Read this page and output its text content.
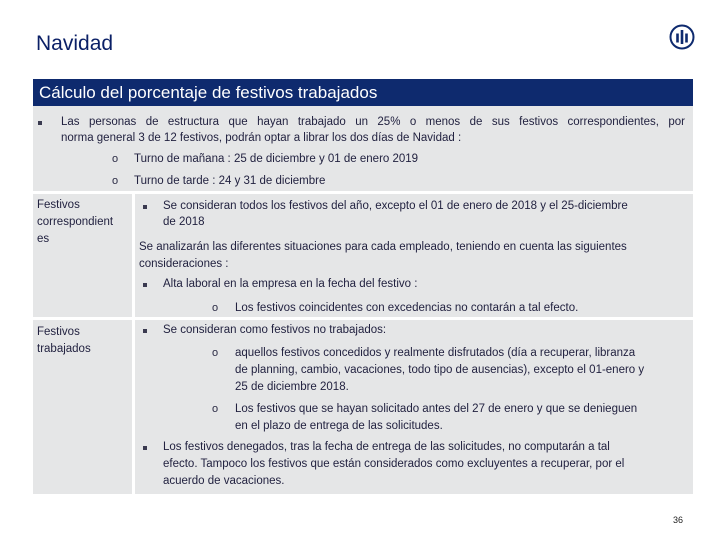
Navidad
Cálculo del porcentaje de festivos trabajados
Las personas de estructura que hayan trabajado un 25% o menos de sus festivos correspondientes, por
norma general 3 de 12 festivos, podrán optar a librar los dos días de Navidad :
o Turno de mañana : 25 de diciembre y 01 de enero 2019
o Turno de tarde : 24 y 31 de diciembre
Festivos
correspondient
es
Se consideran todos los festivos del año, excepto el 01 de enero de 2018 y el 25-diciembre
de 2018
Se analizarán las diferentes situaciones para cada empleado, teniendo en cuenta las siguientes
consideraciones :
Alta laboral en la empresa en la fecha del festivo :
o Los festivos coincidentes con excedencias no contarán a tal efecto.
Festivos
trabajados
Se consideran como festivos no trabajados:
o aquellos festivos concedidos y realmente disfrutados (día a recuperar, libranza
de planning, cambio, vacaciones, todo tipo de ausencias), excepto el 01-enero y
25 de diciembre 2018.
o Los festivos que se hayan solicitado antes del 27 de enero y que se denieguen
en el plazo de entrega de las solicitudes.
Los festivos denegados, tras la fecha de entrega de las solicitudes, no computarán a tal
efecto. Tampoco los festivos que están considerados como excluyentes a recuperar, por el
acuerdo de vacaciones.
36
